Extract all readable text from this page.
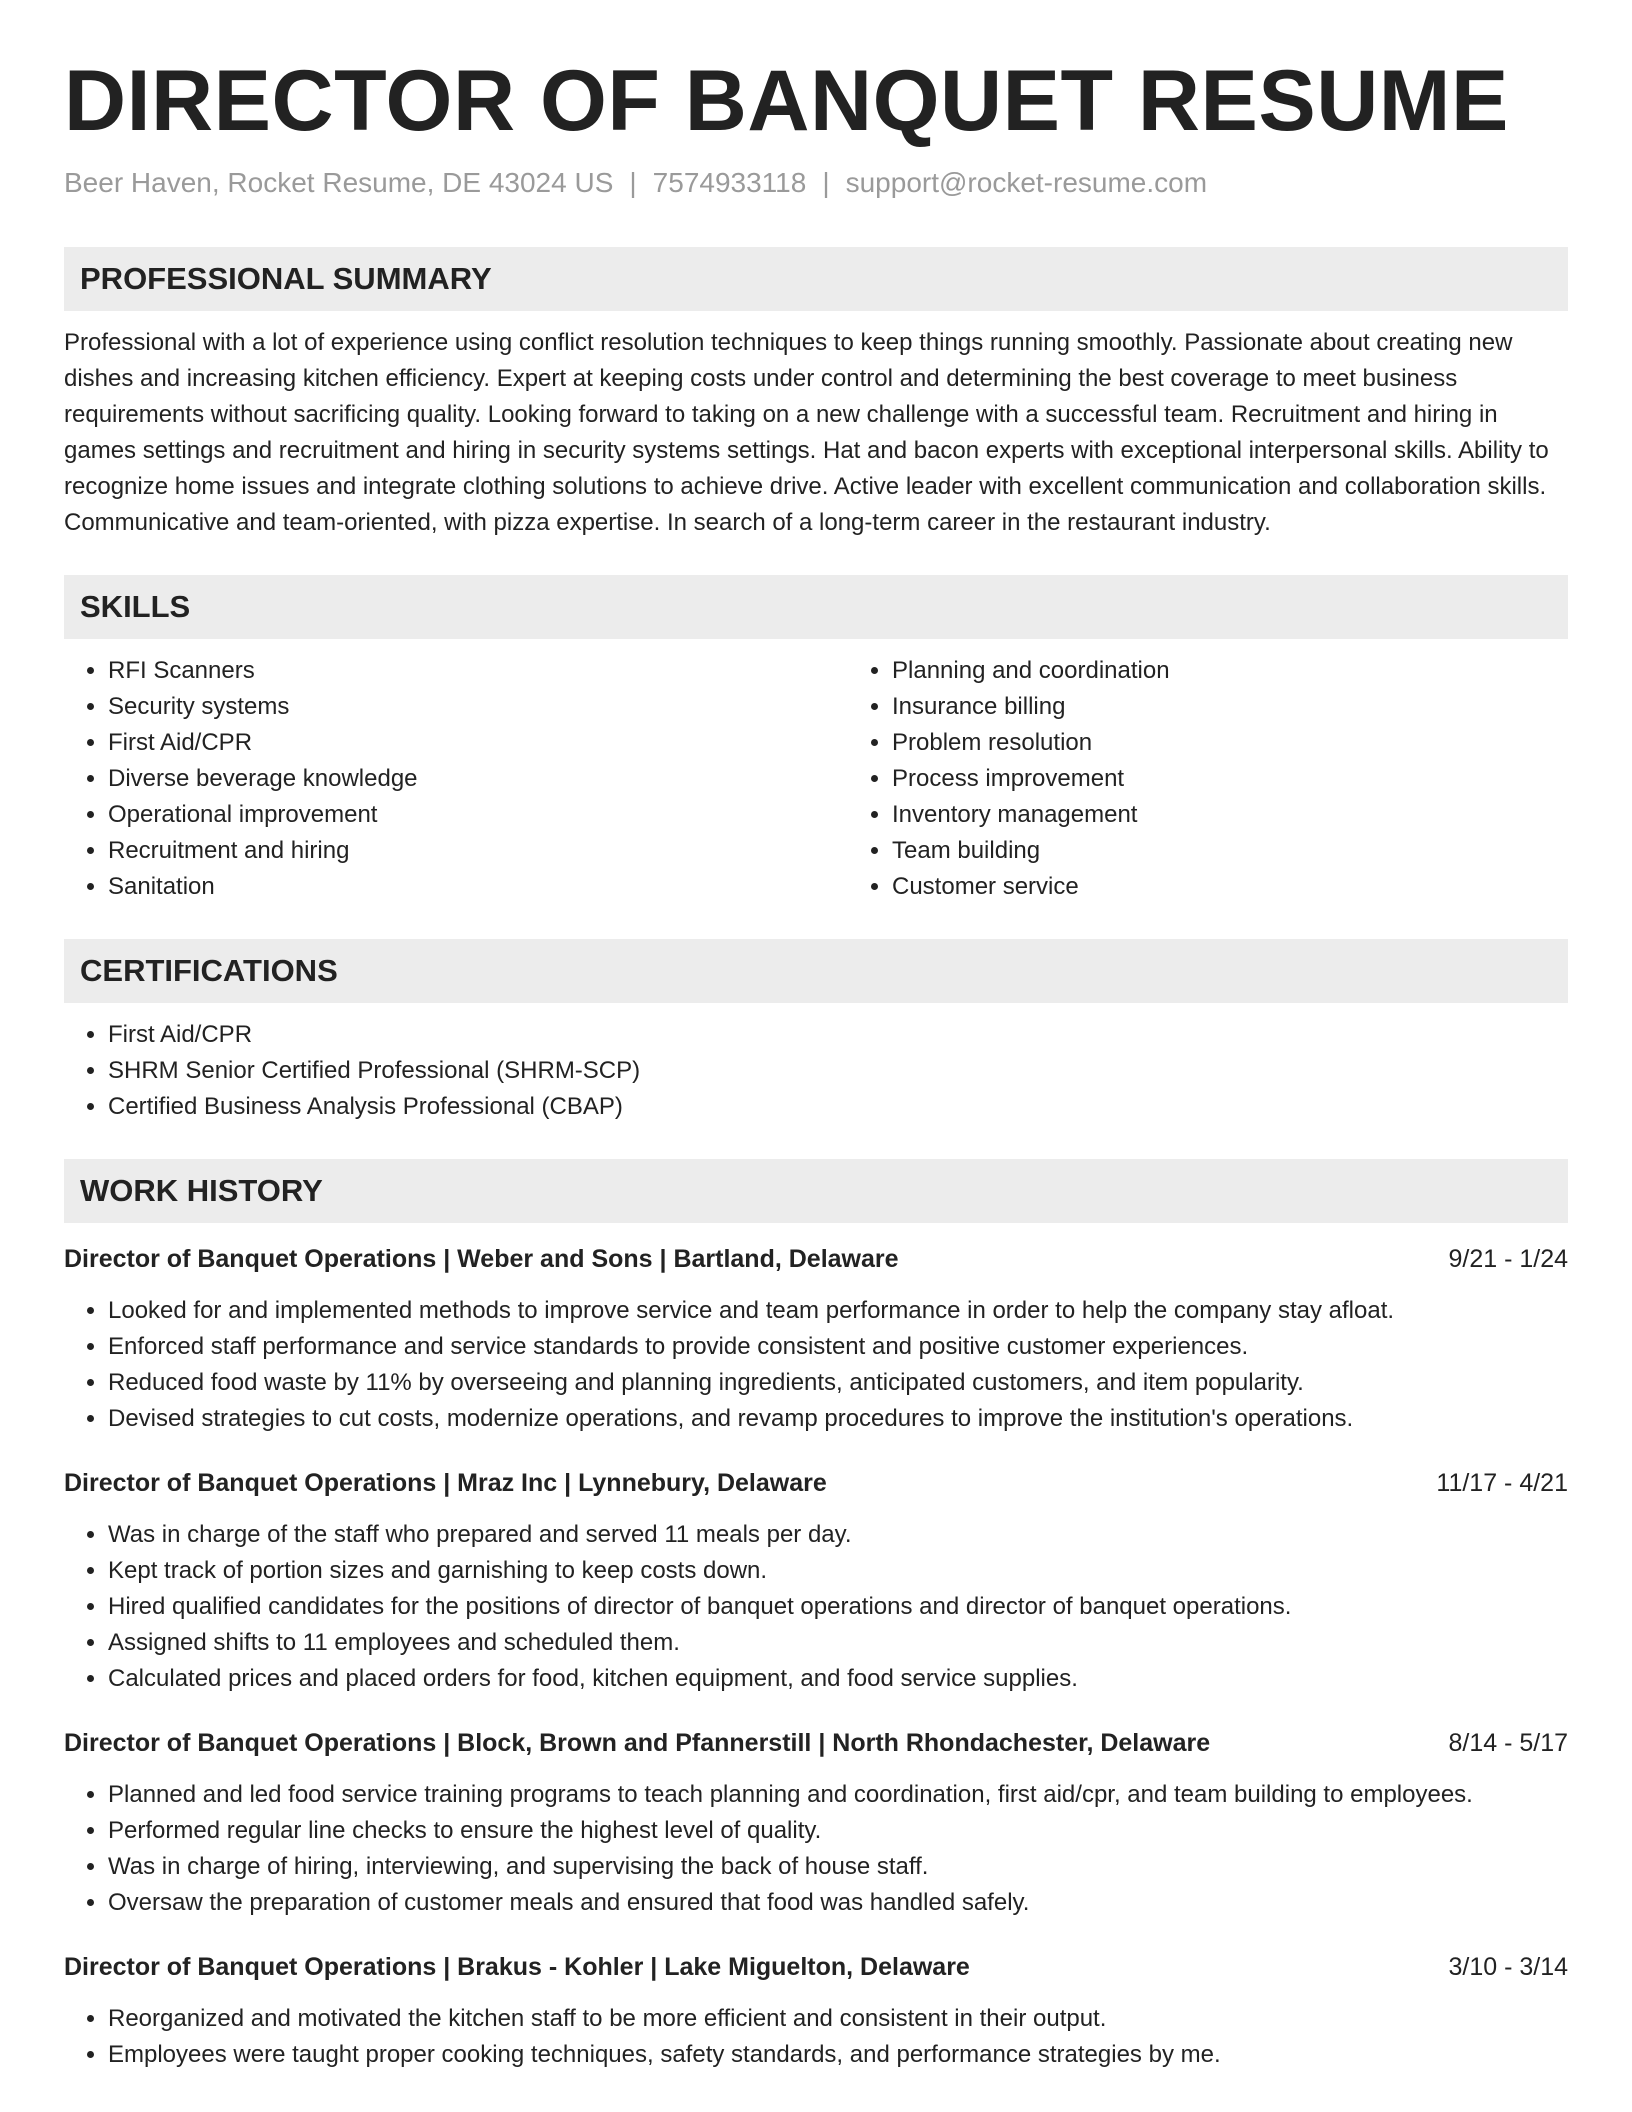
DIRECTOR OF BANQUET RESUME
Beer Haven, Rocket Resume, DE 43024 US | 7574933118 | support@rocket-resume.com
PROFESSIONAL SUMMARY

Professional with a lot of experience using conflict resolution techniques to keep things running smoothly. Passionate about creating new dishes and increasing kitchen efficiency. Expert at keeping costs under control and determining the best coverage to meet business requirements without sacrificing quality. Looking forward to taking on a new challenge with a successful team. Recruitment and hiring in games settings and recruitment and hiring in security systems settings. Hat and bacon experts with exceptional interpersonal skills. Ability to recognize home issues and integrate clothing solutions to achieve drive. Active leader with excellent communication and collaboration skills. Communicative and team-oriented, with pizza expertise. In search of a long-term career in the restaurant industry.

SKILLS
• RFI Scanners
• Security systems
• First Aid/CPR
• Diverse beverage knowledge
• Operational improvement
• Recruitment and hiring
• Sanitation
• Planning and coordination
• Insurance billing
• Problem resolution
• Process improvement
• Inventory management
• Team building
• Customer service
CERTIFICATIONS
• First Aid/CPR
• SHRM Senior Certified Professional (SHRM-SCP)
• Certified Business Analysis Professional (CBAP)
WORK HISTORY
Director of Banquet Operations | Weber and Sons | Bartland, Delaware	9/21 - 1/24
• Looked for and implemented methods to improve service and team performance in order to help the company stay afloat.
• Enforced staff performance and service standards to provide consistent and positive customer experiences.
• Reduced food waste by 11% by overseeing and planning ingredients, anticipated customers, and item popularity.
• Devised strategies to cut costs, modernize operations, and revamp procedures to improve the institution's operations.
Director of Banquet Operations | Mraz Inc | Lynnebury, Delaware	11/17 - 4/21
• Was in charge of the staff who prepared and served 11 meals per day.
• Kept track of portion sizes and garnishing to keep costs down.
• Hired qualified candidates for the positions of director of banquet operations and director of banquet operations.
• Assigned shifts to 11 employees and scheduled them.
• Calculated prices and placed orders for food, kitchen equipment, and food service supplies.
Director of Banquet Operations | Block, Brown and Pfannerstill | North Rhondachester, Delaware	8/14 - 5/17
• Planned and led food service training programs to teach planning and coordination, first aid/cpr, and team building to employees.
• Performed regular line checks to ensure the highest level of quality.
• Was in charge of hiring, interviewing, and supervising the back of house staff.
• Oversaw the preparation of customer meals and ensured that food was handled safely.
Director of Banquet Operations | Brakus - Kohler | Lake Miguelton, Delaware	3/10 - 3/14
• Reorganized and motivated the kitchen staff to be more efficient and consistent in their output.
• Employees were taught proper cooking techniques, safety standards, and performance strategies by me.
